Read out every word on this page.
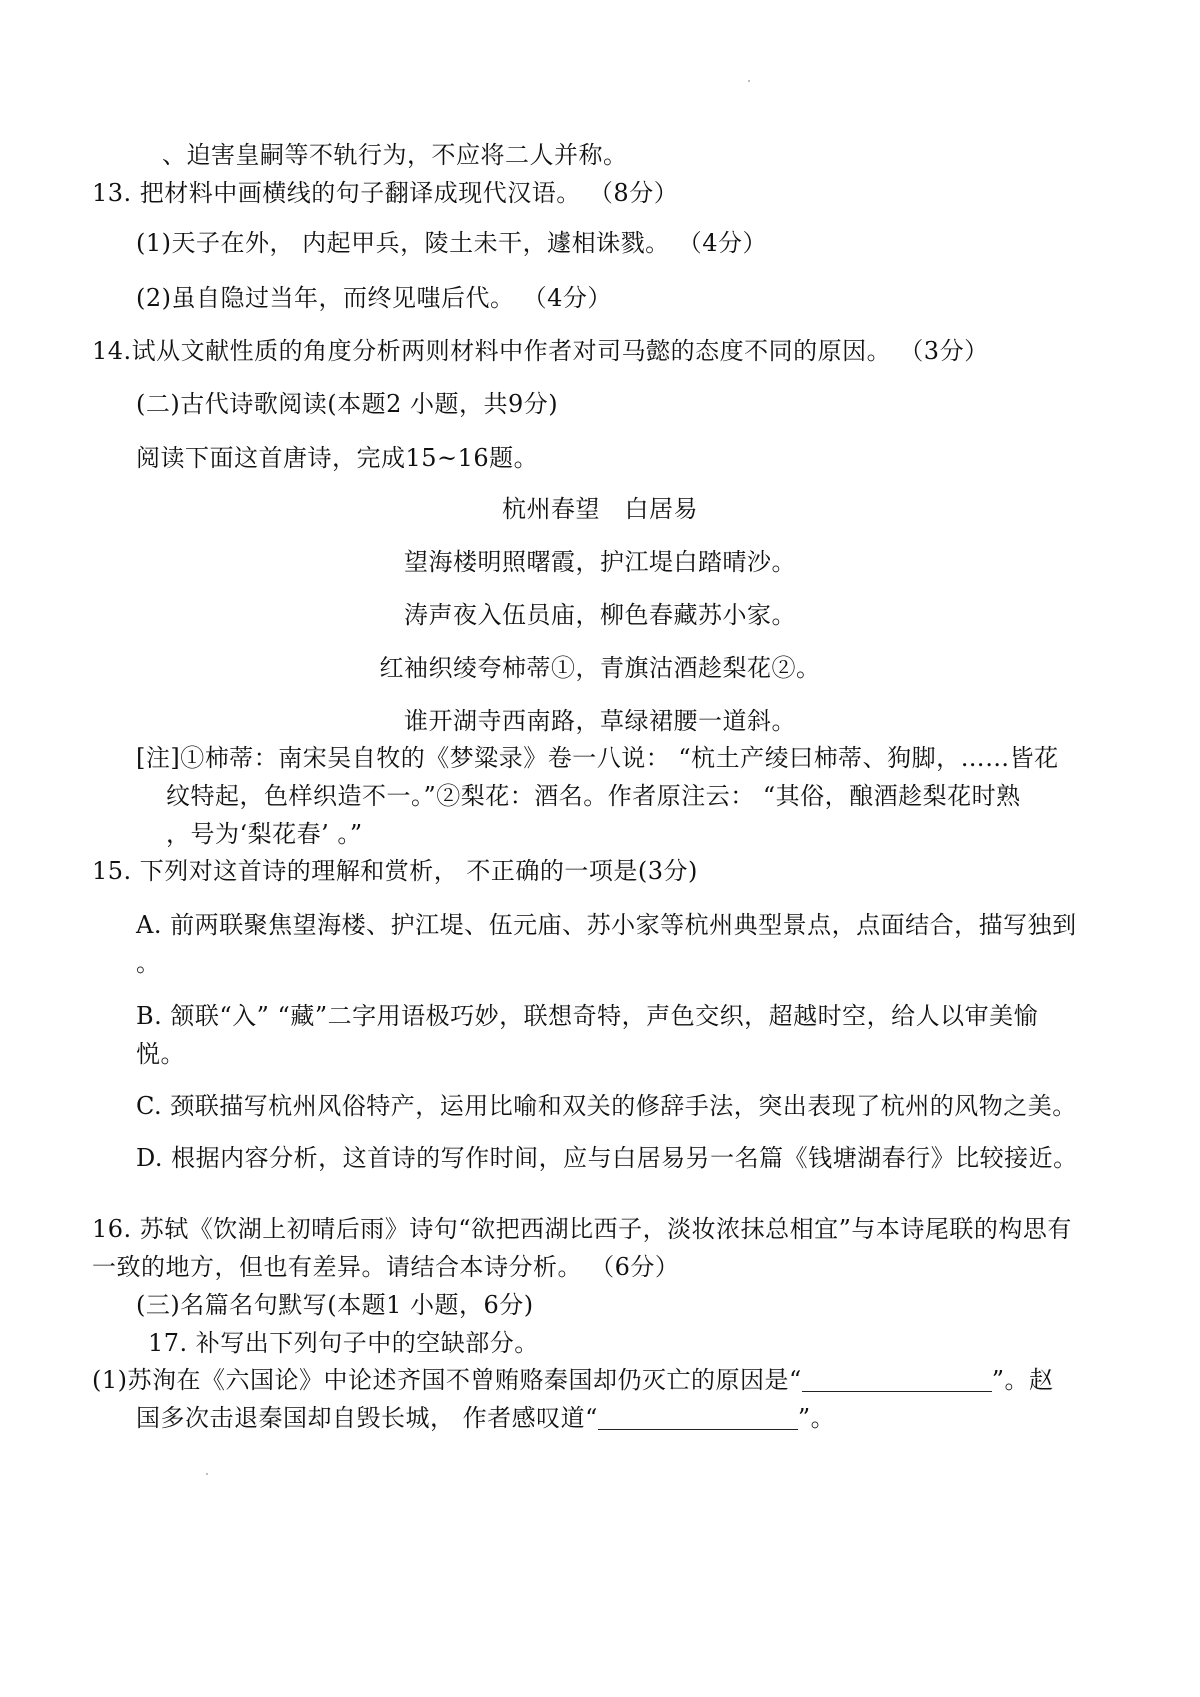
、迫害皇嗣等不轨行为，不应将二人并称。
13. 把材料中画横线的句子翻译成现代汉语。 （8分）
(1)天子在外， 内起甲兵，陵土未干，遽相诛戮。 （4分）
(2)虽自隐过当年，而终见嗤后代。 （4分）
14.试从文献性质的角度分析两则材料中作者对司马懿的态度不同的原因。 （3分）
(二)古代诗歌阅读(本题2 小题，共9分)
阅读下面这首唐诗，完成15~16题。
杭州春望　白居易
望海楼明照曙霞，护江堤白踏晴沙。
涛声夜入伍员庙，柳色春藏苏小家。
红袖织绫夸柿蒂①，青旗沽酒趁梨花②。
谁开湖寺西南路，草绿裙腰一道斜。
[注]①柿蒂：南宋吴自牧的《梦粱录》卷一八说： “杭土产绫曰柿蒂、狗脚，……皆花
纹特起，色样织造不一。”②梨花：酒名。作者原注云： “其俗，酿酒趁梨花时熟
，号为‘梨花春’ 。”
15. 下列对这首诗的理解和赏析， 不正确的一项是(3分)
A. 前两联聚焦望海楼、护江堤、伍元庙、苏小家等杭州典型景点，点面结合，描写独到
。
B. 颔联“入” “藏”二字用语极巧妙，联想奇特，声色交织，超越时空，给人以审美愉
悦。
C. 颈联描写杭州风俗特产，运用比喻和双关的修辞手法，突出表现了杭州的风物之美。
D. 根据内容分析，这首诗的写作时间，应与白居易另一名篇《钱塘湖春行》比较接近。
16. 苏轼《饮湖上初晴后雨》诗句“欲把西湖比西子，淡妆浓抹总相宜”与本诗尾联的构思有
一致的地方，但也有差异。请结合本诗分析。 （6分）
(三)名篇名句默写(本题1 小题，6分)
17. 补写出下列句子中的空缺部分。
(1)苏洵在《六国论》中论述齐国不曾贿赂秦国却仍灭亡的原因是“	”。赵
国多次击退秦国却自毁长城， 作者感叹道“	”。
